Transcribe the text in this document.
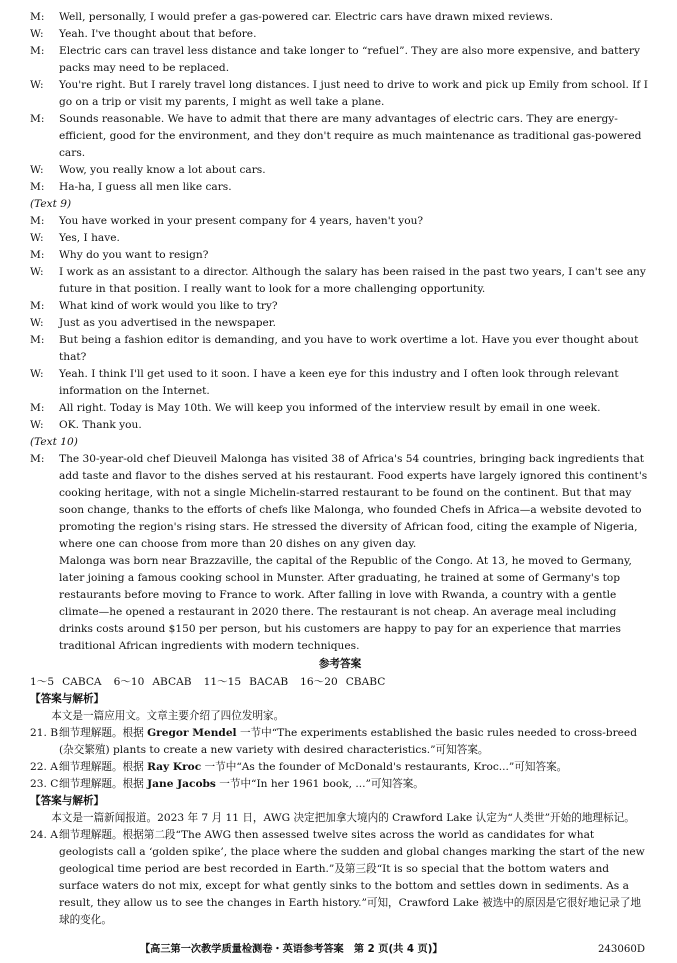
M: Well, personally, I would prefer a gas-powered car. Electric cars have drawn mixed reviews.
W: Yeah. I've thought about that before.
M: Electric cars can travel less distance and take longer to “refuel”. They are also more expensive, and battery packs may need to be replaced.
W: You're right. But I rarely travel long distances. I just need to drive to work and pick up Emily from school. If I go on a trip or visit my parents, I might as well take a plane.
M: Sounds reasonable. We have to admit that there are many advantages of electric cars. They are energy-efficient, good for the environment, and they don't require as much maintenance as traditional gas-powered cars.
W: Wow, you really know a lot about cars.
M: Ha-ha, I guess all men like cars.
(Text 9)
M: You have worked in your present company for 4 years, haven't you?
W: Yes, I have.
M: Why do you want to resign?
W: I work as an assistant to a director. Although the salary has been raised in the past two years, I can't see any future in that position. I really want to look for a more challenging opportunity.
M: What kind of work would you like to try?
W: Just as you advertised in the newspaper.
M: But being a fashion editor is demanding, and you have to work overtime a lot. Have you ever thought about that?
W: Yeah. I think I'll get used to it soon. I have a keen eye for this industry and I often look through relevant information on the Internet.
M: All right. Today is May 10th. We will keep you informed of the interview result by email in one week.
W: OK. Thank you.
(Text 10)
M: The 30-year-old chef Dieuveil Malonga has visited 38 of Africa's 54 countries, bringing back ingredients that add taste and flavor to the dishes served at his restaurant. Food experts have largely ignored this continent's cooking heritage, with not a single Michelin-starred restaurant to be found on the continent. But that may soon change, thanks to the efforts of chefs like Malonga, who founded Chefs in Africa—a website devoted to promoting the region's rising stars. He stressed the diversity of African food, citing the example of Nigeria, where one can choose from more than 20 dishes on any given day.
Malonga was born near Brazzaville, the capital of the Republic of the Congo. At 13, he moved to Germany, later joining a famous cooking school in Munster. After graduating, he trained at some of Germany's top restaurants before moving to France to work. After falling in love with Rwanda, a country with a gentle climate—he opened a restaurant in 2020 there. The restaurant is not cheap. An average meal including drinks costs around $150 per person, but his customers are happy to pay for an experience that marries traditional African ingredients with modern techniques.
参考答案
1～5 CABCA 6～10 ABCAB 11～15 BACAB 16～20 CBABC
【答案与解析】
本文是一篇应用文。文章主要介绍了四位发明家。
21. B 细节理解题。根据 Gregor Mendel 一节中“The experiments established the basic rules needed to cross-breed (杂交繁殖) plants to create a new variety with desired characteristics.”可知答案。
22. A 细节理解题。根据 Ray Kroc 一节中“As the founder of McDonald's restaurants, Kroc...”可知答案。
23. C 细节理解题。根据 Jane Jacobs 一节中“In her 1961 book, ...”可知答案。
【答案与解析】
本文是一篇新闻报道。2023 年 7 月 11 日，AWG 决定把加拿大境内的 Crawford Lake 认定为“人类世”开始的地理标记。
24. A 细节理解题。根据第二段“The AWG then assessed twelve sites across the world as candidates for what geologists call a ‘golden spike’, the place where the sudden and global changes marking the start of the new geological time period are best recorded in Earth.”及第三段“It is so special that the bottom waters and surface waters do not mix, except for what gently sinks to the bottom and settles down in sediments. As a result, they allow us to see the changes in Earth history.”可知，Crawford Lake 被选中的原因是它很好地记录了地球的变化。
【高三第一次教学质量检测卷・英语参考答案　第 2 页(共 4 页)】	243060D
